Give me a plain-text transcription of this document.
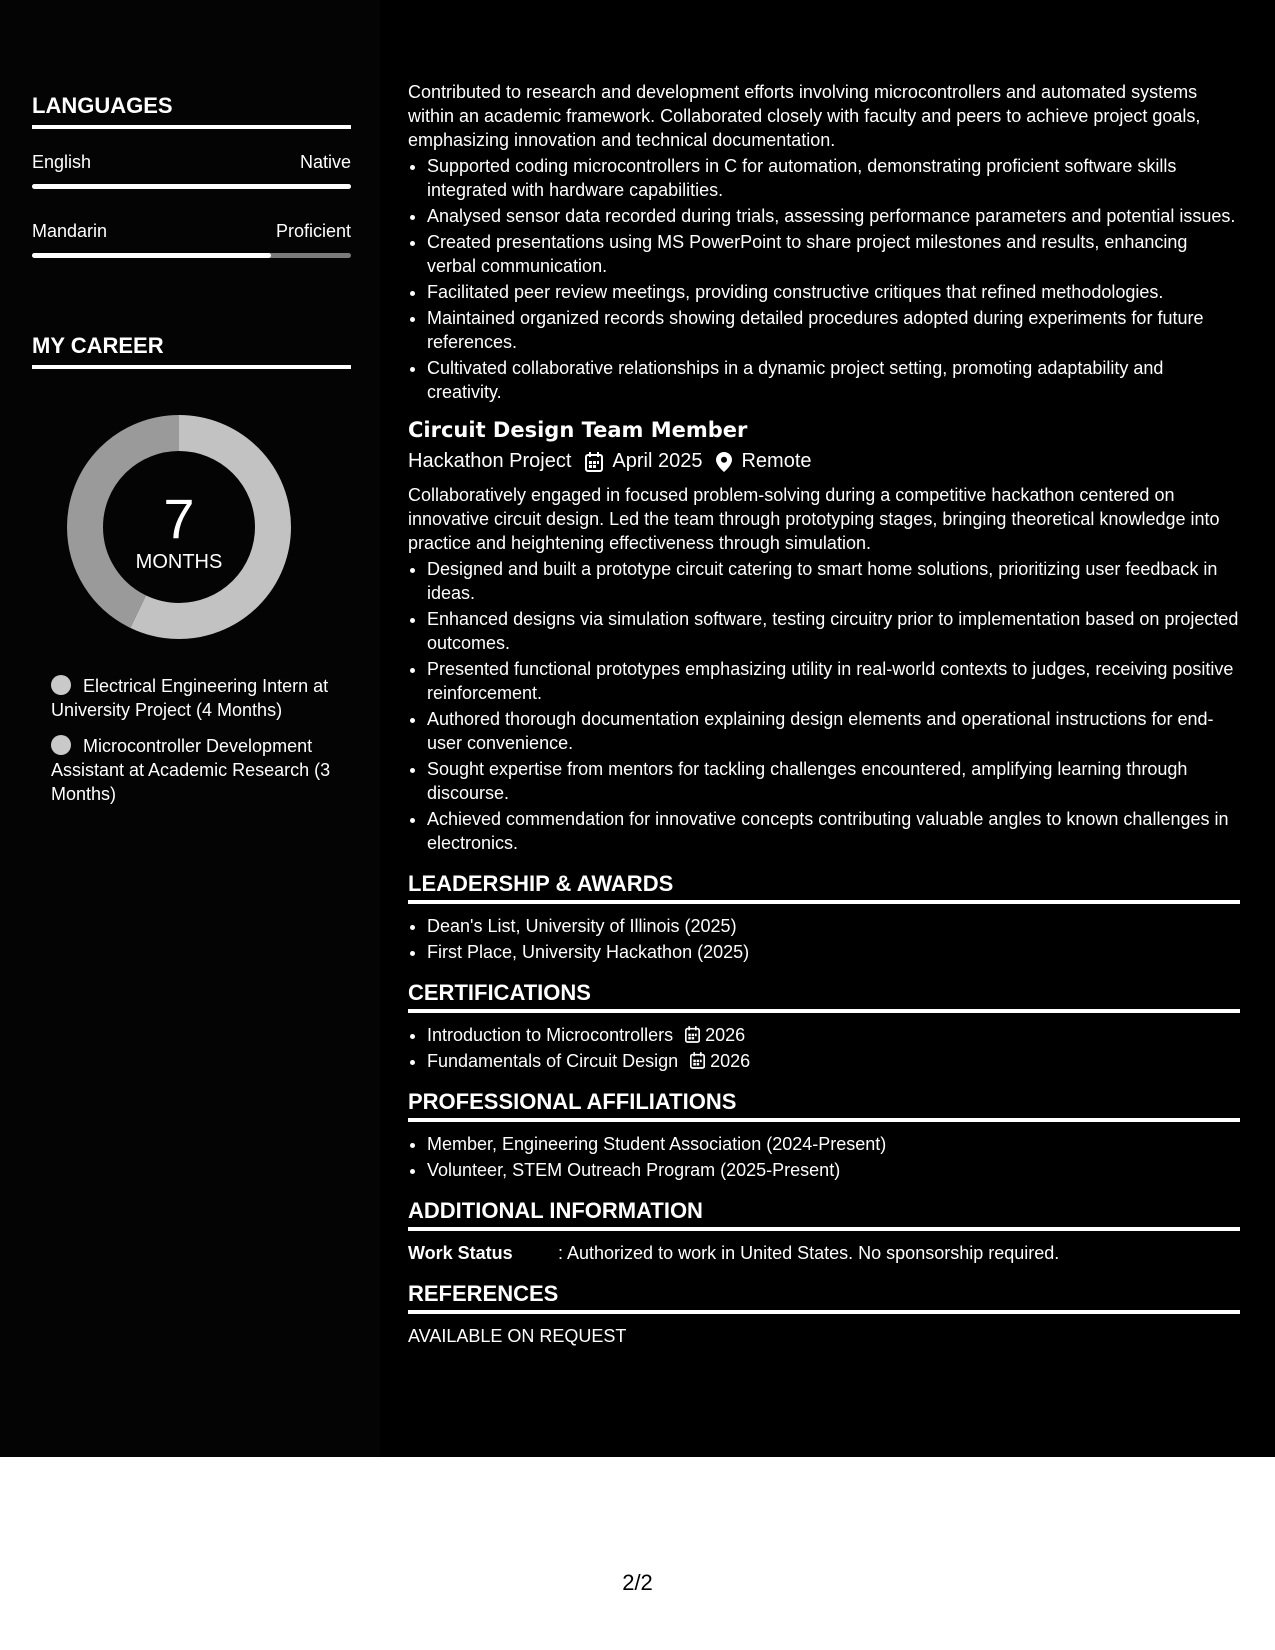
LANGUAGES
English	Native
Mandarin	Proficient
MY CAREER
7
MONTHS
Electrical Engineering Intern at University Project (4 Months)
Microcontroller Development Assistant at Academic Research (3 Months)

Contributed to research and development efforts involving microcontrollers and automated systems within an academic framework. Collaborated closely with faculty and peers to achieve project goals, emphasizing innovation and technical documentation.

• Supported coding microcontrollers in C for automation, demonstrating proficient software skills integrated with hardware capabilities.
• Analysed sensor data recorded during trials, assessing performance parameters and potential issues.
• Created presentations using MS PowerPoint to share project milestones and results, enhancing verbal communication.
• Facilitated peer review meetings, providing constructive critiques that refined methodologies.
• Maintained organized records showing detailed procedures adopted during experiments for future references.
• Cultivated collaborative relationships in a dynamic project setting, promoting adaptability and creativity.
Circuit Design Team Member
Hackathon Project April 2025 Remote

Collaboratively engaged in focused problem-solving during a competitive hackathon centered on innovative circuit design. Led the team through prototyping stages, bringing theoretical knowledge into practice and heightening effectiveness through simulation.

• Designed and built a prototype circuit catering to smart home solutions, prioritizing user feedback in ideas.
• Enhanced designs via simulation software, testing circuitry prior to implementation based on projected outcomes.
• Presented functional prototypes emphasizing utility in real-world contexts to judges, receiving positive reinforcement.
• Authored thorough documentation explaining design elements and operational instructions for end-user convenience.
• Sought expertise from mentors for tackling challenges encountered, amplifying learning through discourse.
• Achieved commendation for innovative concepts contributing valuable angles to known challenges in electronics.
LEADERSHIP & AWARDS
• Dean's List, University of Illinois (2025)
• First Place, University Hackathon (2025)
CERTIFICATIONS
• Introduction to Microcontrollers 2026
• Fundamentals of Circuit Design 2026
PROFESSIONAL AFFILIATIONS
• Member, Engineering Student Association (2024-Present)
• Volunteer, STEM Outreach Program (2025-Present)
ADDITIONAL INFORMATION
Work Status	: Authorized to work in United States. No sponsorship required.
REFERENCES
AVAILABLE ON REQUEST
2/2
